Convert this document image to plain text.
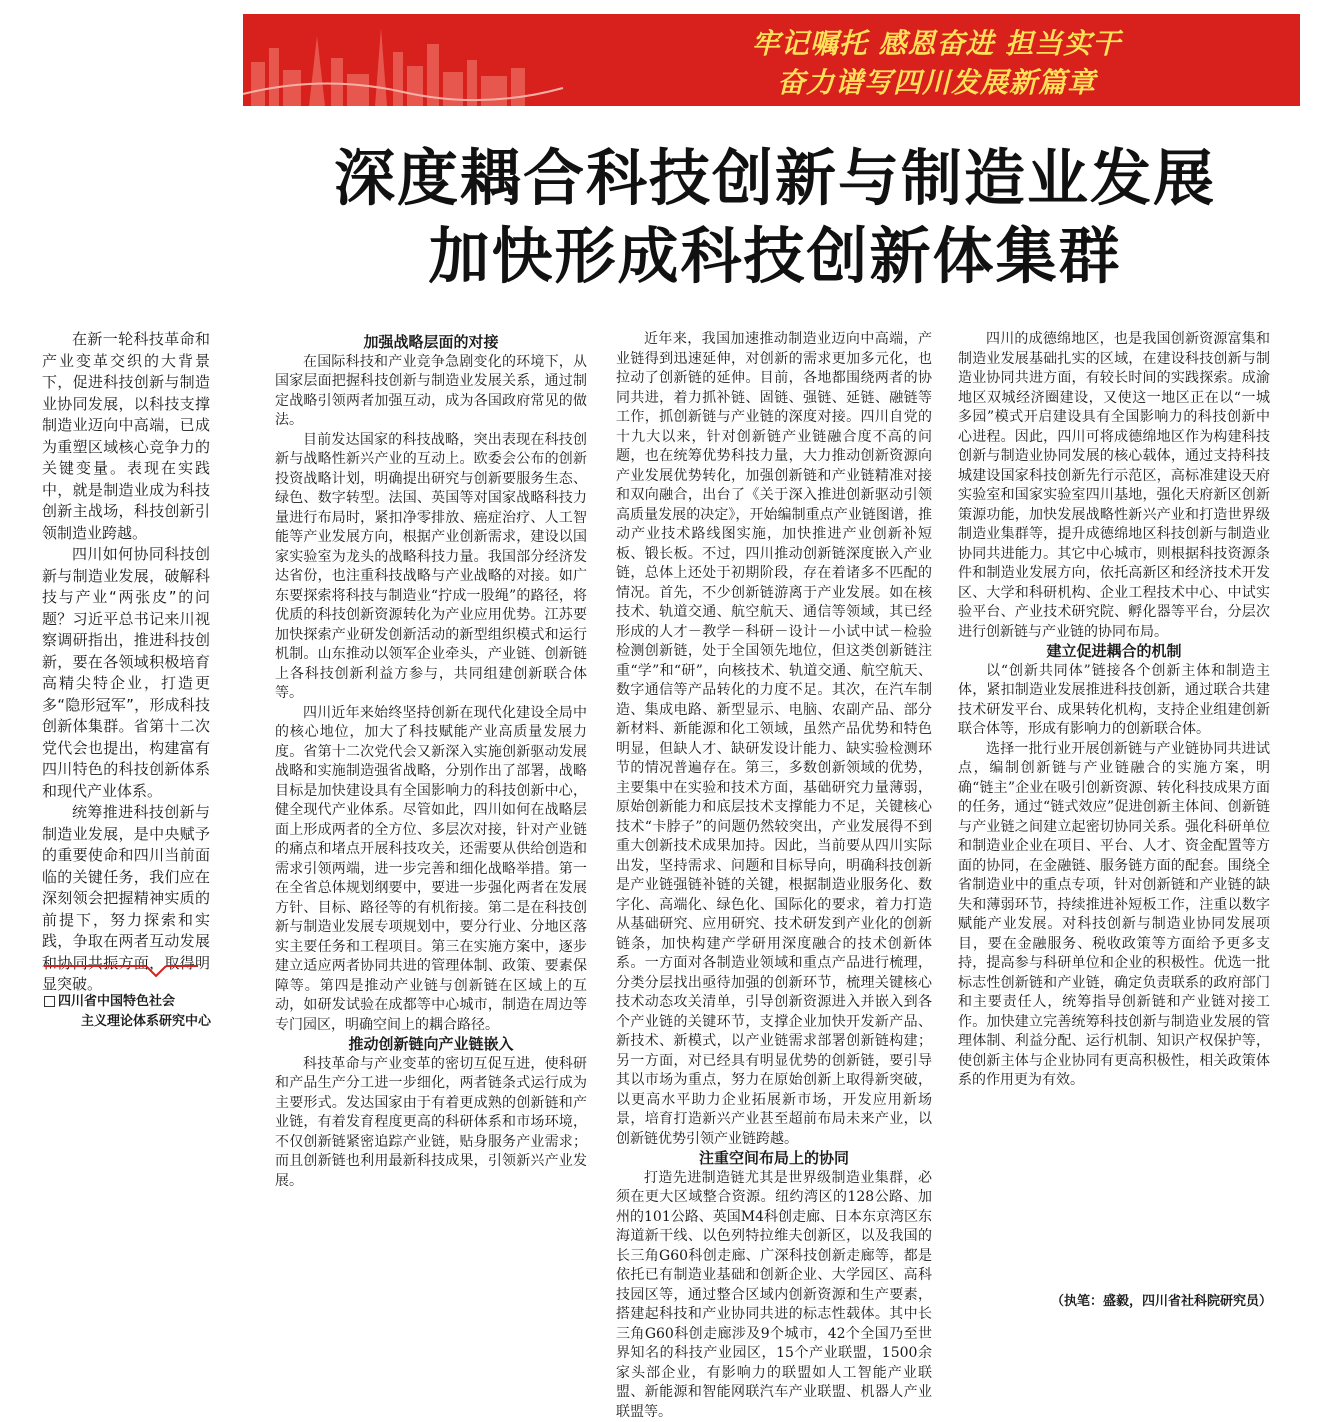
牢记嘱托 感恩奋进 担当实干
奋力谱写四川发展新篇章
深度耦合科技创新与制造业发展
加快形成科技创新体集群

在新一轮科技革命和产业变革交织的大背景下，促进科技创新与制造业协同发展，以科技支撑制造业迈向中高端，已成为重塑区域核心竞争力的关键变量。表现在实践中，就是制造业成为科技创新主战场，科技创新引领制造业跨越。

四川如何协同科技创新与制造业发展，破解科技与产业“两张皮”的问题？习近平总书记来川视察调研指出，推进科技创新，要在各领域积极培育高精尖特企业，打造更多“隐形冠军”，形成科技创新体集群。省第十二次党代会也提出，构建富有四川特色的科技创新体系和现代产业体系。

统筹推进科技创新与制造业发展，是中央赋予的重要使命和四川当前面临的关键任务，我们应在深刻领会把握精神实质的前提下，努力探索和实践，争取在两者互动发展和协同共振方面，取得明显突破。

四川省中国特色社会
主义理论体系研究中心

加强战略层面的对接

在国际科技和产业竞争急剧变化的环境下，从国家层面把握科技创新与制造业发展关系，通过制定战略引领两者加强互动，成为各国政府常见的做法。

目前发达国家的科技战略，突出表现在科技创新与战略性新兴产业的互动上。欧委会公布的创新投资战略计划，明确提出研究与创新要服务生态、绿色、数字转型。法国、英国等对国家战略科技力量进行布局时，紧扣净零排放、癌症治疗、人工智能等产业发展方向，根据产业创新需求，建设以国家实验室为龙头的战略科技力量。我国部分经济发达省份，也注重科技战略与产业战略的对接。如广东要探索将科技与制造业“拧成一股绳”的路径，将优质的科技创新资源转化为产业应用优势。江苏要加快探索产业研发创新活动的新型组织模式和运行机制。山东推动以领军企业牵头，产业链、创新链上各科技创新利益方参与，共同组建创新联合体等。

四川近年来始终坚持创新在现代化建设全局中的核心地位，加大了科技赋能产业高质量发展力度。省第十二次党代会又新深入实施创新驱动发展战略和实施制造强省战略，分别作出了部署，战略目标是加快建设具有全国影响力的科技创新中心，健全现代产业体系。尽管如此，四川如何在战略层面上形成两者的全方位、多层次对接，针对产业链的痛点和堵点开展科技攻关，还需要从供给创造和需求引领两端，进一步完善和细化战略举措。第一在全省总体规划纲要中，要进一步强化两者在发展方针、目标、路径等的有机衔接。第二是在科技创新与制造业发展专项规划中，要分行业、分地区落实主要任务和工程项目。第三在实施方案中，逐步建立适应两者协同共进的管理体制、政策、要素保障等。第四是推动产业链与创新链在区域上的互动，如研发试验在成都等中心城市，制造在周边等专门园区，明确空间上的耦合路径。

推动创新链向产业链嵌入

科技革命与产业变革的密切互促互进，使科研和产品生产分工进一步细化，两者链条式运行成为主要形式。发达国家由于有着更成熟的创新链和产业链，有着发育程度更高的科研体系和市场环境，不仅创新链紧密追踪产业链，贴身服务产业需求；而且创新链也利用最新科技成果，引领新兴产业发展。

近年来，我国加速推动制造业迈向中高端，产业链得到迅速延伸，对创新的需求更加多元化，也拉动了创新链的延伸。目前，各地都围绕两者的协同共进，着力抓补链、固链、强链、延链、融链等工作，抓创新链与产业链的深度对接。四川自党的十九大以来，针对创新链产业链融合度不高的问题，也在统筹优势科技力量，大力推动创新资源向产业发展优势转化，加强创新链和产业链精准对接和双向融合，出台了《关于深入推进创新驱动引领高质量发展的决定》，开始编制重点产业链图谱，推动产业技术路线图实施，加快推进产业创新补短板、锻长板。不过，四川推动创新链深度嵌入产业链，总体上还处于初期阶段，存在着诸多不匹配的情况。首先，不少创新链游离于产业发展。如在核技术、轨道交通、航空航天、通信等领域，其已经形成的人才－教学－科研－设计－小试中试－检验检测创新链，处于全国领先地位，但这类创新链注重“学”和“研”，向核技术、轨道交通、航空航天、数字通信等产品转化的力度不足。其次，在汽车制造、集成电路、新型显示、电脑、农副产品、部分新材料、新能源和化工领域，虽然产品优势和特色明显，但缺人才、缺研发设计能力、缺实验检测环节的情况普遍存在。第三，多数创新领域的优势，主要集中在实验和技术方面，基础研究力量薄弱，原始创新能力和底层技术支撑能力不足，关键核心技术“卡脖子”的问题仍然较突出，产业发展得不到重大创新技术成果加持。因此，当前要从四川实际出发，坚持需求、问题和目标导向，明确科技创新是产业链强链补链的关键，根据制造业服务化、数字化、高端化、绿色化、国际化的要求，着力打造从基础研究、应用研究、技术研发到产业化的创新链条，加快构建产学研用深度融合的技术创新体系。一方面对各制造业领域和重点产品进行梳理，分类分层找出亟待加强的创新环节，梳理关键核心技术动态攻关清单，引导创新资源进入并嵌入到各个产业链的关键环节，支撑企业加快开发新产品、新技术、新模式，以产业链需求部署创新链构建；另一方面，对已经具有明显优势的创新链，要引导其以市场为重点，努力在原始创新上取得新突破，以更高水平助力企业拓展新市场，开发应用新场景，培育打造新兴产业甚至超前布局未来产业，以创新链优势引领产业链跨越。

注重空间布局上的协同

打造先进制造链尤其是世界级制造业集群，必须在更大区域整合资源。纽约湾区的128公路、加州的101公路、英国M4科创走廊、日本东京湾区东海道新干线、以色列特拉维夫创新区，以及我国的长三角G60科创走廊、广深科技创新走廊等，都是依托已有制造业基础和创新企业、大学园区、高科技园区等，通过整合区域内创新资源和生产要素，搭建起科技和产业协同共进的标志性载体。其中长三角G60科创走廊涉及9个城市，42个全国乃至世界知名的科技产业园区，15个产业联盟，1500余家头部企业，有影响力的联盟如人工智能产业联盟、新能源和智能网联汽车产业联盟、机器人产业联盟等。

四川的成德绵地区，也是我国创新资源富集和制造业发展基础扎实的区域，在建设科技创新与制造业协同共进方面，有较长时间的实践探索。成渝地区双城经济圈建设，又使这一地区正在以“一城多园”模式开启建设具有全国影响力的科技创新中心进程。因此，四川可将成德绵地区作为构建科技创新与制造业协同发展的核心载体，通过支持科技城建设国家科技创新先行示范区，高标准建设天府实验室和国家实验室四川基地，强化天府新区创新策源功能，加快发展战略性新兴产业和打造世界级制造业集群等，提升成德绵地区科技创新与制造业协同共进能力。其它中心城市，则根据科技资源条件和制造业发展方向，依托高新区和经济技术开发区、大学和科研机构、企业工程技术中心、中试实验平台、产业技术研究院、孵化器等平台，分层次进行创新链与产业链的协同布局。

建立促进耦合的机制

以“创新共同体”链接各个创新主体和制造主体，紧扣制造业发展推进科技创新，通过联合共建技术研发平台、成果转化机构，支持企业组建创新联合体等，形成有影响力的创新联合体。

选择一批行业开展创新链与产业链协同共进试点，编制创新链与产业链融合的实施方案，明确“链主”企业在吸引创新资源、转化科技成果方面的任务，通过“链式效应”促进创新主体间、创新链与产业链之间建立起密切协同关系。强化科研单位和制造业企业在项目、平台、人才、资金配置等方面的协同，在金融链、服务链方面的配套。围绕全省制造业中的重点专项，针对创新链和产业链的缺失和薄弱环节，持续推进补短板工作，注重以数字赋能产业发展。对科技创新与制造业协同发展项目，要在金融服务、税收政策等方面给予更多支持，提高参与科研单位和企业的积极性。优选一批标志性创新链和产业链，确定负责联系的政府部门和主要责任人，统筹指导创新链和产业链对接工作。加快建立完善统筹科技创新与制造业发展的管理体制、利益分配、运行机制、知识产权保护等，使创新主体与企业协同有更高积极性，相关政策体系的作用更为有效。

（执笔：盛毅，四川省社科院研究员）
